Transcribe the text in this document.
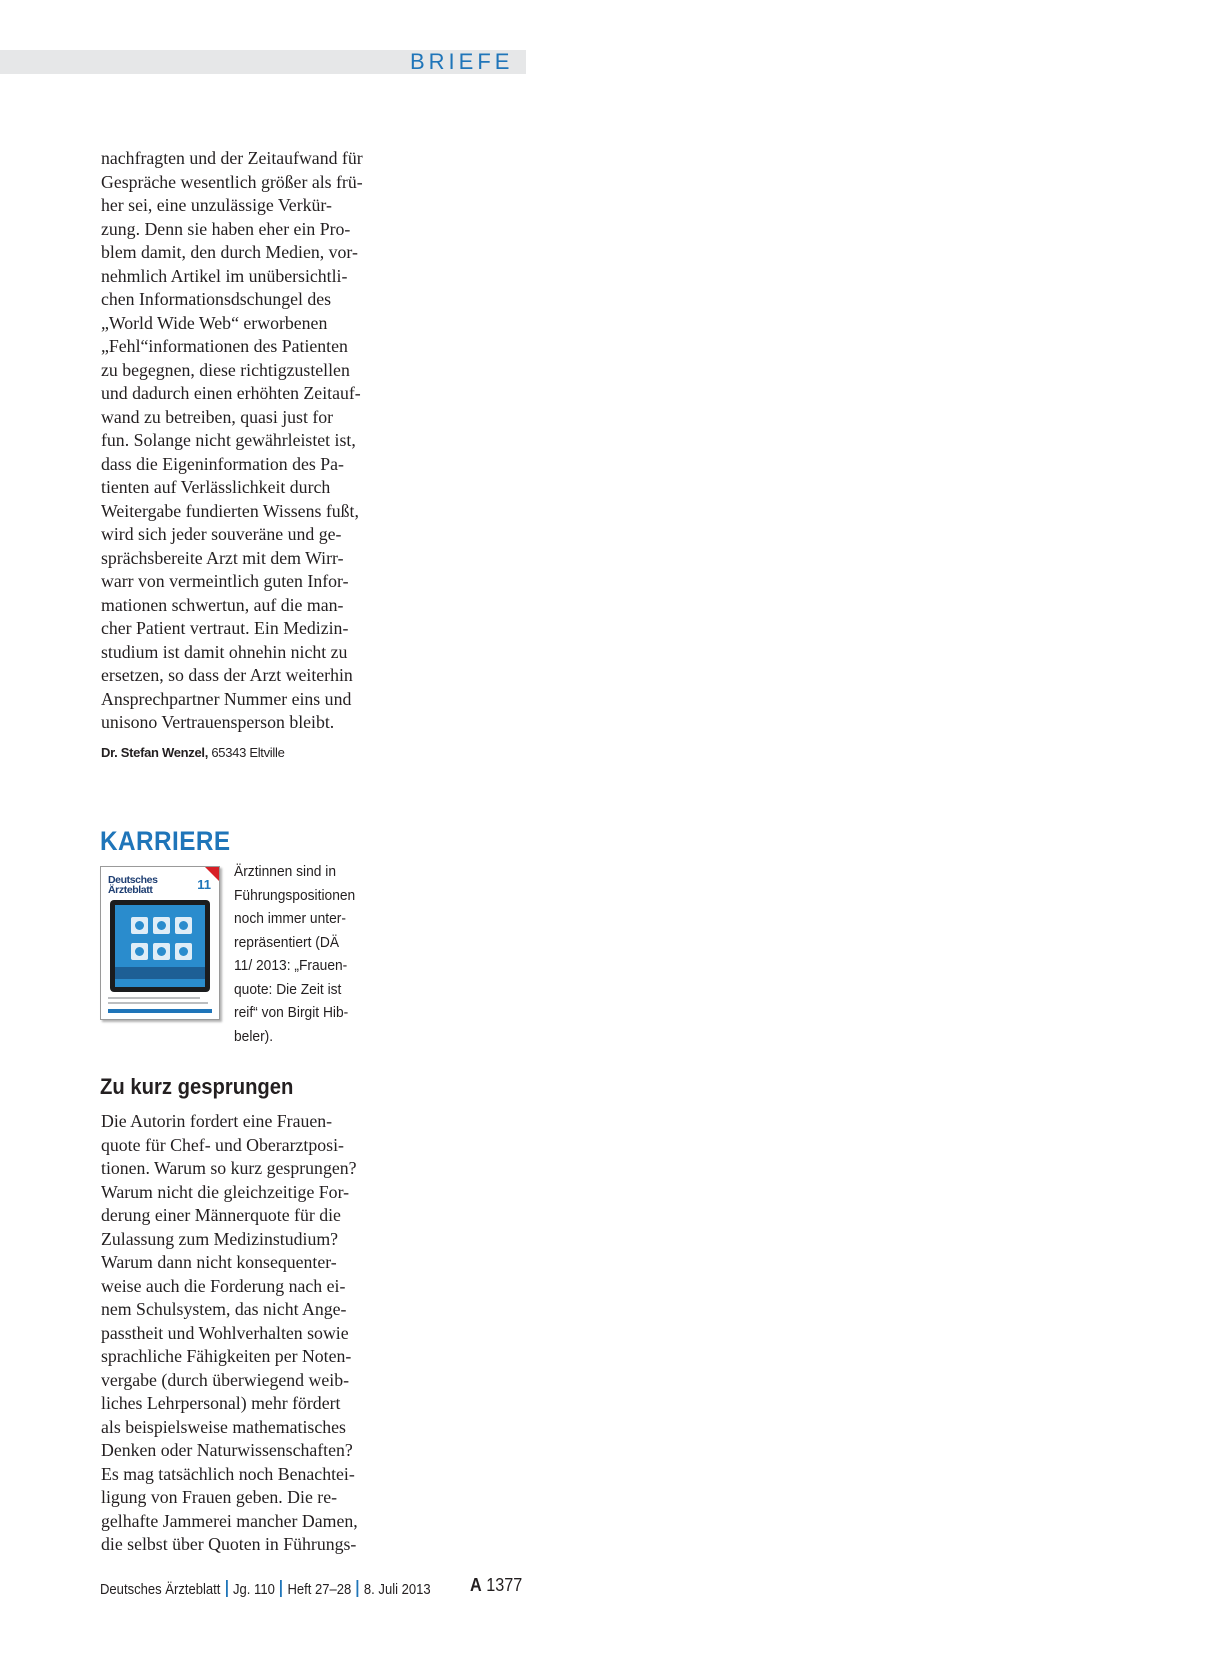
BRIEFE
nachfragten und der Zeitaufwand für
Gespräche wesentlich größer als frü-
her sei, eine unzulässige Verkür-
zung. Denn sie haben eher ein Pro-
blem damit, den durch Medien, vor-
nehmlich Artikel im unübersichtli-
chen Informationsdschungel des
„World Wide Web“ erworbenen
„Fehl“informationen des Patienten
zu begegnen, diese richtigzustellen
und dadurch einen erhöhten Zeitauf-
wand zu betreiben, quasi just for
fun. Solange nicht gewährleistet ist,
dass die Eigeninformation des Pa-
tienten auf Verlässlichkeit durch
Weitergabe fundierten Wissens fußt,
wird sich jeder souveräne und ge-
sprächsbereite Arzt mit dem Wirr-
warr von vermeintlich guten Infor-
mationen schwertun, auf die man-
cher Patient vertraut. Ein Medizin-
studium ist damit ohnehin nicht zu
ersetzen, so dass der Arzt weiterhin
Ansprechpartner Nummer eins und
unisono Vertrauensperson bleibt.
Dr. Stefan Wenzel, 65343 Eltville
KARRIERE
Deutsches
Ärzteblatt	11
Ärztinnen sind in
Führungspositionen
noch immer unter-
repräsentiert (DÄ
11/ 2013: „Frauen-
quote: Die Zeit ist
reif“ von Birgit Hib-
beler).
Zu kurz gesprungen
Die Autorin fordert eine Frauen-
quote für Chef- und Oberarztposi-
tionen. Warum so kurz gesprungen?
Warum nicht die gleichzeitige For-
derung einer Männerquote für die
Zulassung zum Medizinstudium?
Warum dann nicht konsequenter-
weise auch die Forderung nach ei-
nem Schulsystem, das nicht Ange-
passtheit und Wohlverhalten sowie
sprachliche Fähigkeiten per Noten-
vergabe (durch überwiegend weib-
liches Lehrpersonal) mehr fördert
als beispielsweise mathematisches
Denken oder Naturwissenschaften?
Es mag tatsächlich noch Benachtei-
ligung von Frauen geben. Die re-
gelhafte Jammerei mancher Damen,
die selbst über Quoten in Führungs-
Deutsches Ärzteblatt Jg. 110 Heft 27–28 8. Juli 2013 A 1377
